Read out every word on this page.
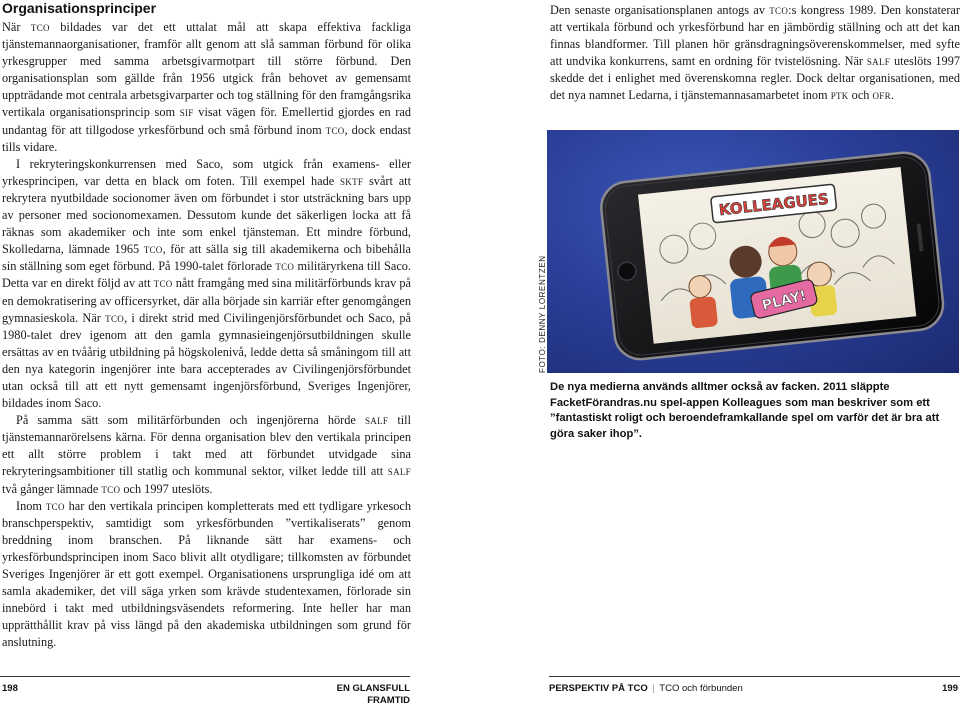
Organisationsprinciper

När tco bildades var det ett uttalat mål att skapa effektiva fackliga tjänstemannaorganisationer, framför allt genom att slå samman förbund för olika yrkesgrupper med samma arbetsgivarmotpart till större förbund. Den organisationsplan som gällde från 1956 utgick från behovet av gemensamt uppträdande mot centrala arbetsgivarparter och tog ställning för den framgångsrika vertikala organisationsprincip som sif visat vägen för. Emellertid gjordes en rad undantag för att tillgodose yrkesförbund och små förbund inom tco, dock endast tills vidare.

I rekryteringskonkurrensen med Saco, som utgick från examens- eller yrkesprincipen, var detta en black om foten. Till exempel hade sktf svårt att rekrytera nyutbildade socionomer även om förbundet i stor utsträckning bars upp av personer med socionomexamen. Dessutom kunde det säkerligen locka att få räknas som akademiker och inte som enkel tjänsteman. Ett mindre förbund, Skolledarna, lämnade 1965 tco, för att sälla sig till akademikerna och bibehålla sin ställning som eget förbund. På 1990-talet förlorade tco militäryrkena till Saco. Detta var en direkt följd av att tco nått framgång med sina militärförbunds krav på en demokratisering av officersyrket, där alla började sin karriär efter genomgången gymnasieskola. När tco, i direkt strid med Civilingenjörsförbundet och Saco, på 1980-talet drev igenom att den gamla gymnasieingenjörsutbildningen skulle ersättas av en tvåårig utbildning på högskolenivå, ledde detta så småningom till att den nya kategorin ingenjörer inte bara accepterades av Civilingenjörsförbundet utan också till att ett nytt gemensamt ingenjörsförbund, Sveriges Ingenjörer, bildades inom Saco.

På samma sätt som militärförbunden och ingenjörerna hörde salf till tjänstemannarörelsens kärna. För denna organisation blev den vertikala principen ett allt större problem i takt med att förbundet utvidgade sina rekryteringsambitioner till statlig och kommunal sektor, vilket ledde till att salf två gånger lämnade tco och 1997 uteslöts.

Inom tco har den vertikala principen kompletterats med ett tydligare yrkesoch branschperspektiv, samtidigt som yrkesförbunden ”vertikaliserats” genom breddning inom branschen. På liknande sätt har examens- och yrkesförbundsprincipen inom Saco blivit allt otydligare; tillkomsten av förbundet Sveriges Ingenjörer är ett gott exempel. Organisationens ursprungliga idé om att samla akademiker, det vill säga yrken som krävde studentexamen, förlorade sin innebörd i takt med utbildningsväsendets reformering. Inte heller har man upprätthållit krav på viss längd på den akademiska utbildningen som grund för anslutning.

Den senaste organisationsplanen antogs av tco:s kongress 1989. Den konstaterar att vertikala förbund och yrkesförbund har en jämbördig ställning och att det kan finnas blandformer. Till planen hör gränsdragningsöverenskommelser, med syfte att undvika konkurrens, samt en ordning för tvistelösning. När salf uteslöts 1997 skedde det i enlighet med överenskomna regler. Dock deltar organisationen, med det nya namnet Ledarna, i tjänstemannasamarbetet inom ptk och ofr.

FOTO: DENNY LORENTZEN
KOLLEAGUES
PLAY!
De nya medierna används alltmer också av facken. 2011 släppte FacketFörandras.nu spel-appen Kolleagues som man beskriver som ett ”fantastiskt roligt och beroendeframkallande spel om varför det är bra att göra saker ihop”.
198	EN GLANSFULL FRAMTID
PERSPEKTIV PÅ TCO | TCO och förbunden	199
